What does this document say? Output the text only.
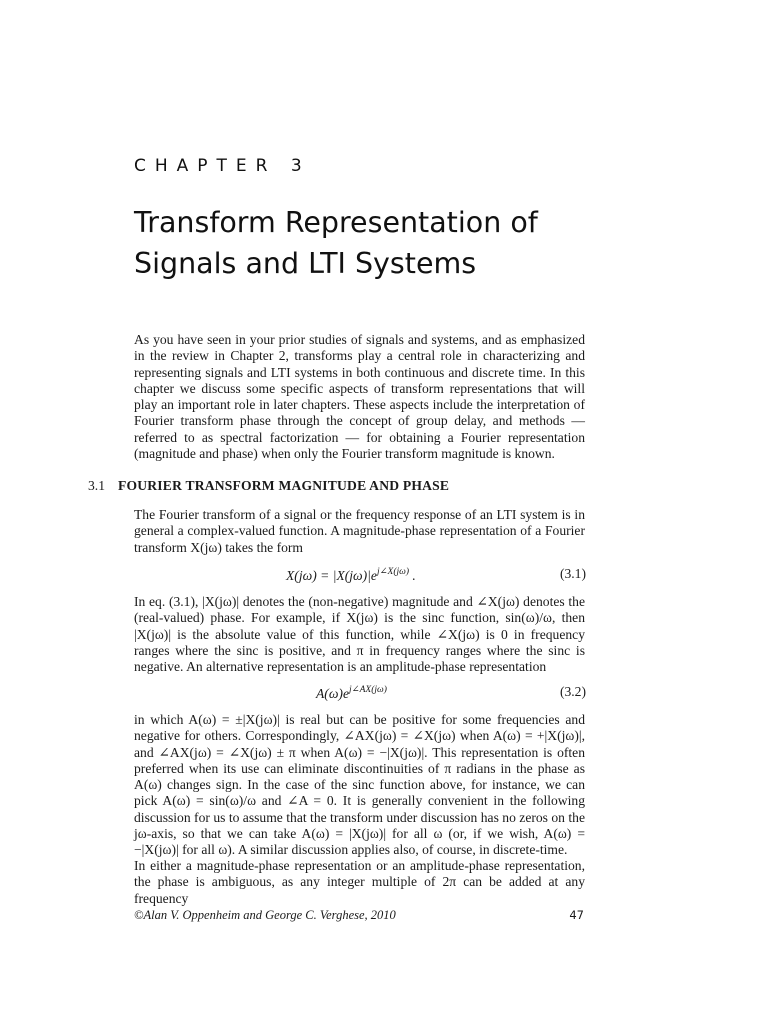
CHAPTER 3
Transform Representation of Signals and LTI Systems

As you have seen in your prior studies of signals and systems, and as emphasized in the review in Chapter 2, transforms play a central role in characterizing and representing signals and LTI systems in both continuous and discrete time. In this chapter we discuss some specific aspects of transform representations that will play an important role in later chapters. These aspects include the interpretation of Fourier transform phase through the concept of group delay, and methods — referred to as spectral factorization — for obtaining a Fourier representation (magnitude and phase) when only the Fourier transform magnitude is known.

3.1 FOURIER TRANSFORM MAGNITUDE AND PHASE

The Fourier transform of a signal or the frequency response of an LTI system is in general a complex-valued function. A magnitude-phase representation of a Fourier transform X(jω) takes the form

$X(j\omega) = |X(j\omega)|e^{j\angle X(j\omega)}$ .	(3.1)

In eq. (3.1), |X(jω)| denotes the (non-negative) magnitude and ∠X(jω) denotes the (real-valued) phase. For example, if X(jω) is the sinc function, sin(ω)/ω, then |X(jω)| is the absolute value of this function, while ∠X(jω) is 0 in frequency ranges where the sinc is positive, and π in frequency ranges where the sinc is negative. An alternative representation is an amplitude-phase representation

$A(\omega)e^{j\angle AX(j\omega)}$	(3.2)

in which A(ω) = ±|X(jω)| is real but can be positive for some frequencies and negative for others. Correspondingly, ∠AX(jω) = ∠X(jω) when A(ω) = +|X(jω)|, and ∠AX(jω) = ∠X(jω) ± π when A(ω) = −|X(jω)|. This representation is often preferred when its use can eliminate discontinuities of π radians in the phase as A(ω) changes sign. In the case of the sinc function above, for instance, we can pick A(ω) = sin(ω)/ω and ∠A = 0. It is generally convenient in the following discussion for us to assume that the transform under discussion has no zeros on the jω-axis, so that we can take A(ω) = |X(jω)| for all ω (or, if we wish, A(ω) = −|X(jω)| for all ω). A similar discussion applies also, of course, in discrete-time.

In either a magnitude-phase representation or an amplitude-phase representation, the phase is ambiguous, as any integer multiple of 2π can be added at any frequency

©Alan V. Oppenheim and George C. Verghese, 2010	47
